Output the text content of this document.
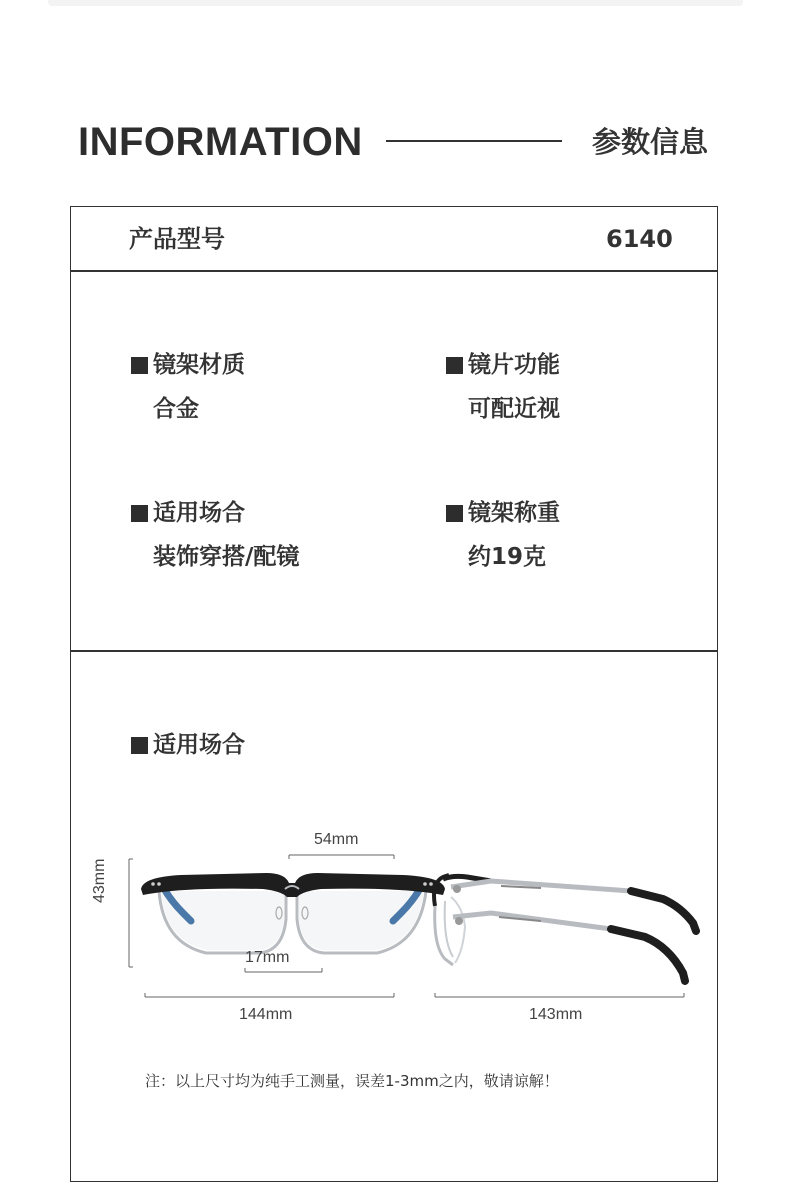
INFORMATION	参数信息
产品型号	6140
镜架材质
合金
镜片功能
可配近视
适用场合
装饰穿搭/配镜
镜架称重
约19克
适用场合
54mm
43mm
17mm
144mm	143mm
注：以上尺寸均为纯手工测量，误差1-3mm之内，敬请谅解！
